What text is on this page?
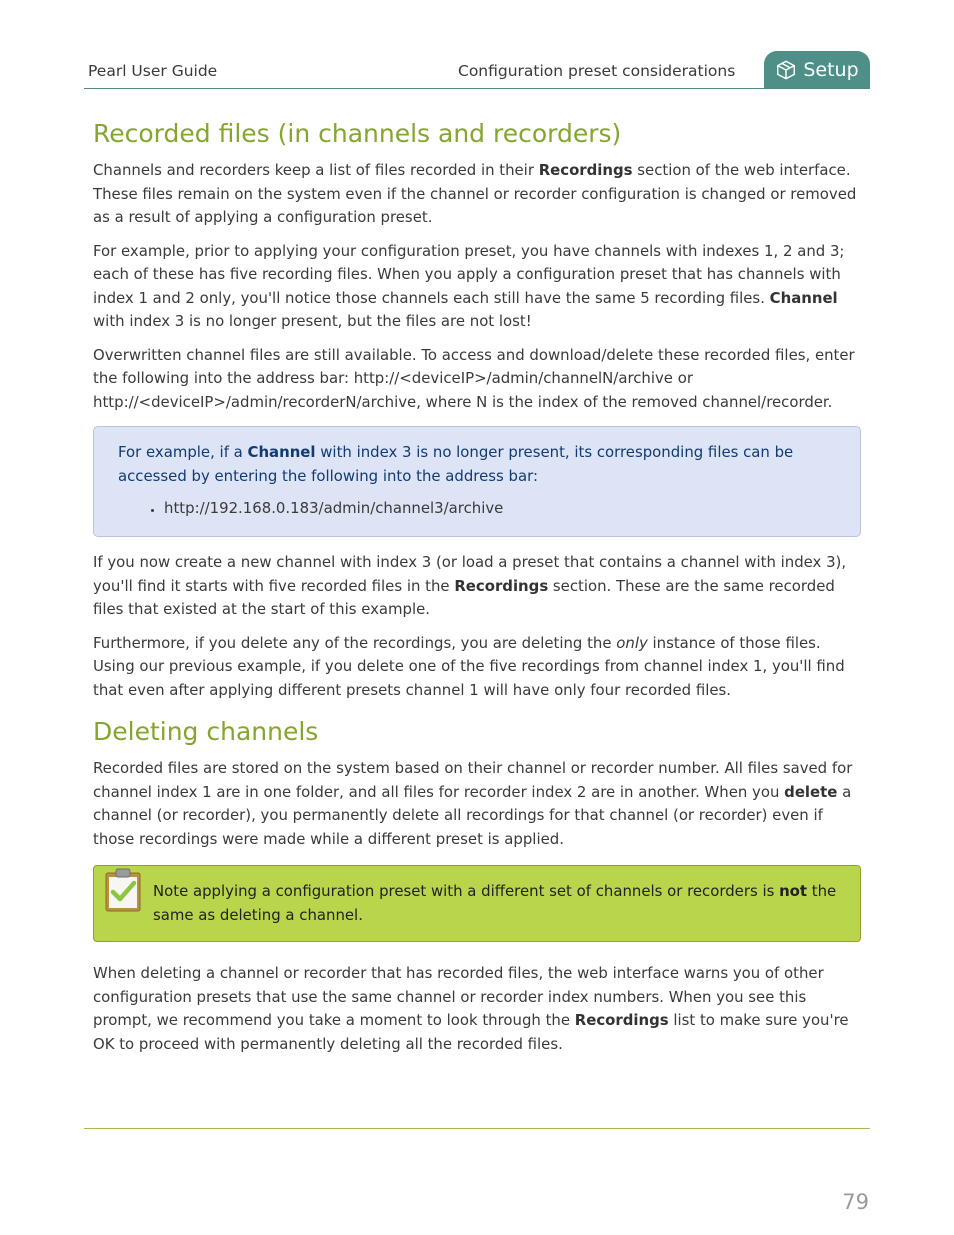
Pearl User Guide	Configuration preset considerations	Setup
Recorded files (in channels and recorders)

Channels and recorders keep a list of files recorded in their Recordings section of the web interface. These files remain on the system even if the channel or recorder configuration is changed or removed as a result of applying a configuration preset.

For example, prior to applying your configuration preset, you have channels with indexes 1, 2 and 3; each of these has five recording files. When you apply a configuration preset that has channels with index 1 and 2 only, you'll notice those channels each still have the same 5 recording files. Channel with index 3 is no longer present, but the files are not lost!

Overwritten channel files are still available. To access and download/delete these recorded files, enter the following into the address bar: http://<deviceIP>/admin/channelN/archive or http://<deviceIP>/admin/recorderN/archive, where N is the index of the removed channel/recorder.

For example, if a Channel with index 3 is no longer present, its corresponding files can be accessed by entering the following into the address bar:

• http://192.168.0.183/admin/channel3/archive

If you now create a new channel with index 3 (or load a preset that contains a channel with index 3), you'll find it starts with five recorded files in the Recordings section. These are the same recorded files that existed at the start of this example.

Furthermore, if you delete any of the recordings, you are deleting the only instance of those files. Using our previous example, if you delete one of the five recordings from channel index 1, you'll find that even after applying different presets channel 1 will have only four recorded files.

Deleting channels

Recorded files are stored on the system based on their channel or recorder number. All files saved for channel index 1 are in one folder, and all files for recorder index 2 are in another. When you delete a channel (or recorder), you permanently delete all recordings for that channel (or recorder) even if those recordings were made while a different preset is applied.

Note applying a configuration preset with a different set of channels or recorders is not the same as deleting a channel.

When deleting a channel or recorder that has recorded files, the web interface warns you of other configuration presets that use the same channel or recorder index numbers. When you see this prompt, we recommend you take a moment to look through the Recordings list to make sure you're OK to proceed with permanently deleting all the recorded files.

79
